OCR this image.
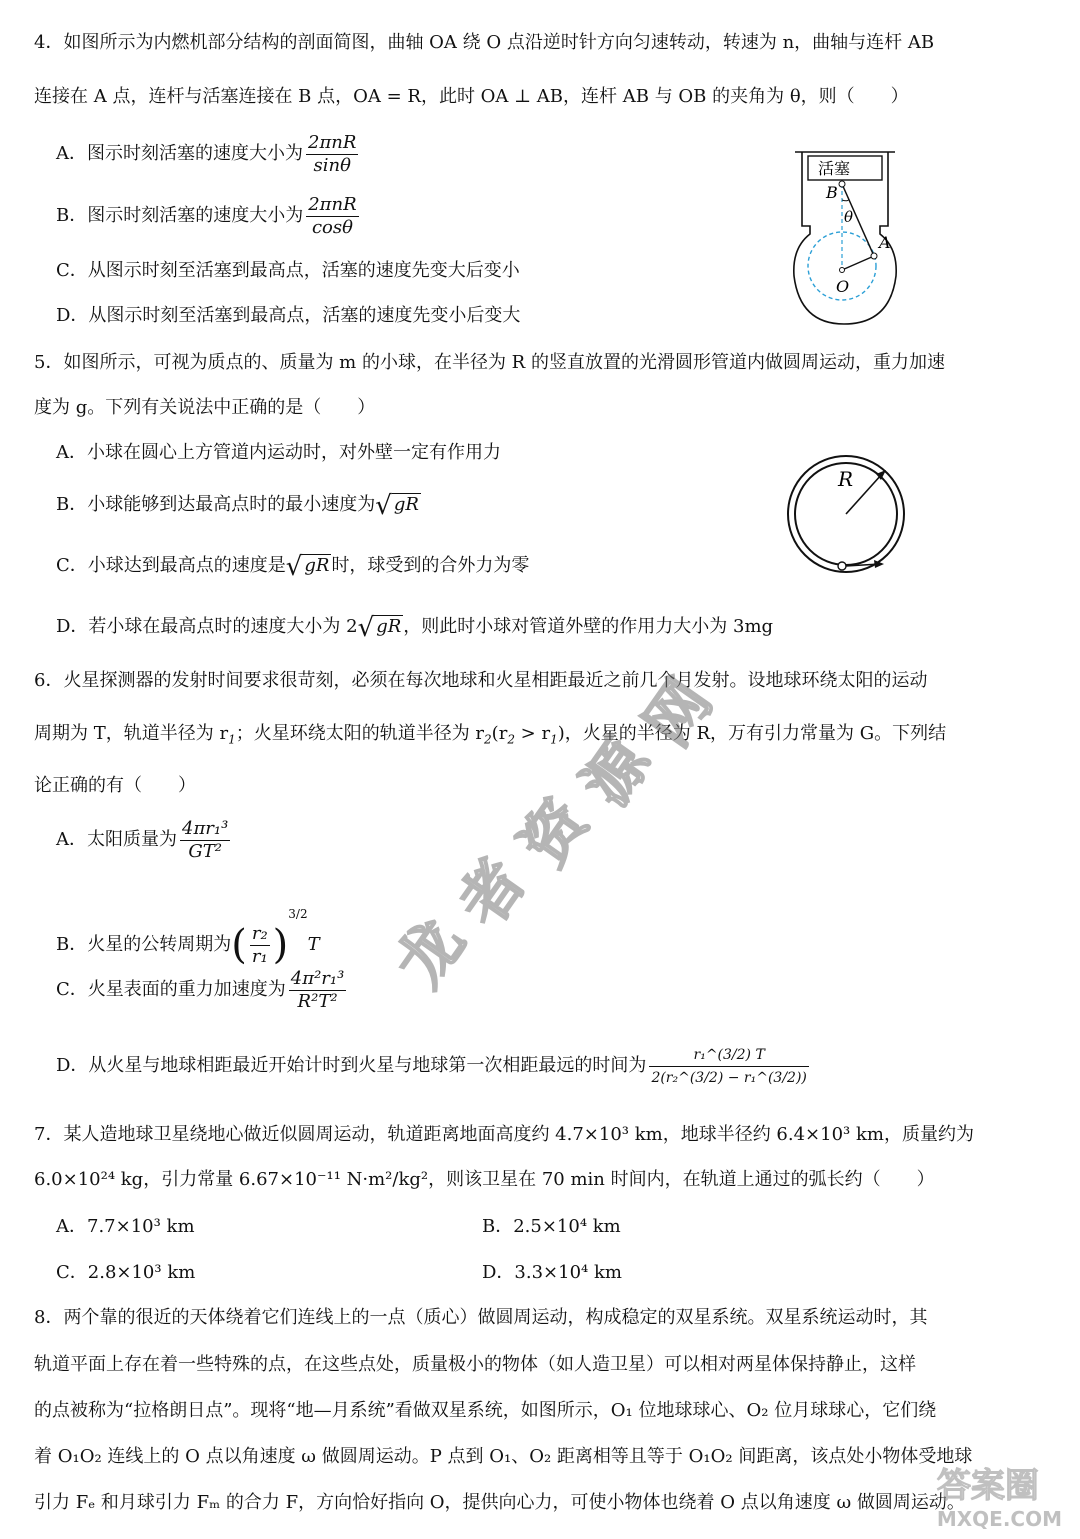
4．如图所示为内燃机部分结构的剖面简图，曲轴 OA 绕 O 点沿逆时针方向匀速转动，转速为 n，曲轴与连杆 AB
连接在 A 点，连杆与活塞连接在 B 点，OA = R，此时 OA ⊥ AB，连杆 AB 与 OB 的夹角为 θ，则（　　）
A．图示时刻活塞的速度大小为 $\frac{\text{2πnR}}{\sin\theta}$
B．图示时刻活塞的速度大小为 $\frac{\text{2πnR}}{\cos\theta}$
C．从图示时刻至活塞到最高点，活塞的速度先变大后变小
D．从图示时刻至活塞到最高点，活塞的速度先变小后变大
活塞
B
θ
A
O
5．如图所示，可视为质点的、质量为 m 的小球，在半径为 R 的竖直放置的光滑圆形管道内做圆周运动，重力加速
度为 g。下列有关说法中正确的是（　　）
A．小球在圆心上方管道内运动时，对外壁一定有作用力
B．小球能够到达最高点时的最小速度为√ gR
C．小球达到最高点的速度是√ gR 时，球受到的合外力为零
D．若小球在最高点时的速度大小为 2√ gR ，则此时小球对管道外壁的作用力大小为 3mg
R
6．火星探测器的发射时间要求很苛刻，必须在每次地球和火星相距最近之前几个月发射。设地球环绕太阳的运动
周期为 T，轨道半径为 $r_1$；火星环绕太阳的轨道半径为 $r_2(r_2 > r_1)$，火星的半径为 R，万有引力常量为 G。下列结
论正确的有（　　）
A．太阳质量为 $\frac{\text{4πr₁³}}{\text{GT²}}$
B．火星的公转周期为( $\frac{\text{r₂}}{\text{r₁}} )^{3/2}T$
C．火星表面的重力加速度为 $\frac{\text{4π²r₁³}}{\text{R²T²}}$
D．从火星与地球相距最近开始计时到火星与地球第一次相距最远的时间为 $\frac{\text{r₁\textasciicircum{}(3/2) T}}{\text{2(r₂\textasciicircum{}(3/2) − r₁\textasciicircum{}(3/2))}}$
7．某人造地球卫星绕地心做近似圆周运动，轨道距离地面高度约 4.7×10³ km，地球半径约 6.4×10³ km，质量约为
6.0×10²⁴ kg，引力常量 6.67×10⁻¹¹ N·m²/kg²，则该卫星在 70 min 时间内，在轨道上通过的弧长约（　　）
A．7.7×10³ km	B．2.5×10⁴ km
C．2.8×10³ km	D．3.3×10⁴ km
8．两个靠的很近的天体绕着它们连线上的一点（质心）做圆周运动，构成稳定的双星系统。双星系统运动时，其
轨道平面上存在着一些特殊的点，在这些点处，质量极小的物体（如人造卫星）可以相对两星体保持静止，这样
的点被称为“拉格朗日点”。现将“地—月系统”看做双星系统，如图所示，O₁ 位地球球心、O₂ 位月球球心，它们绕
着 O₁O₂ 连线上的 O 点以角速度 ω 做圆周运动。P 点到 O₁、O₂ 距离相等且等于 O₁O₂ 间距离，该点处小物体受地球
引力 Fₑ 和月球引力 Fₘ 的合力 F，方向恰好指向 O，提供向心力，可使小物体也绕着 O 点以角速度 ω 做圆周运动。
龙
者
资
源
网
答案圈
MXQE.COM
